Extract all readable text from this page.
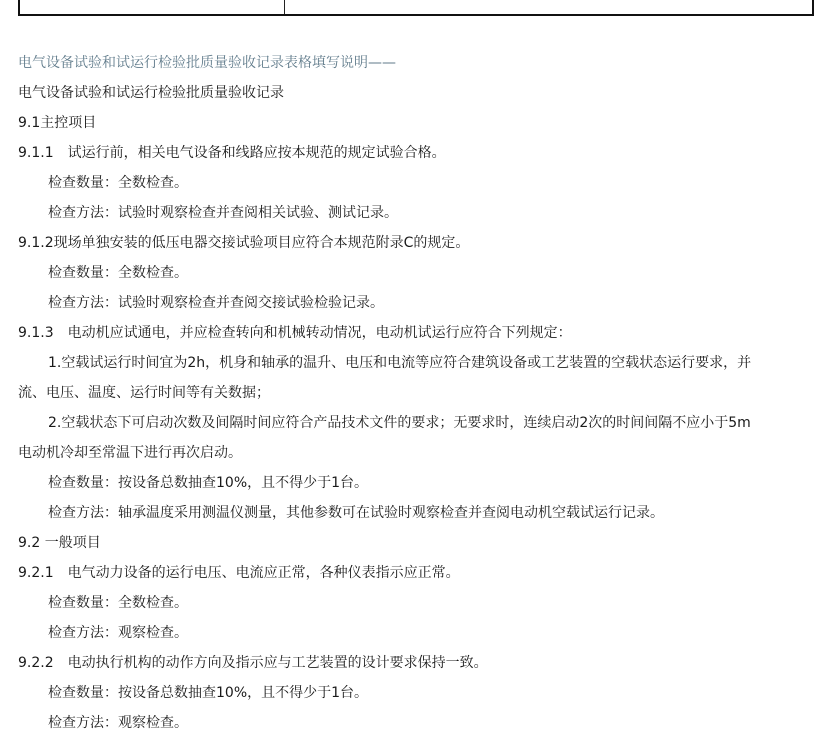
电气设备试验和试运行检验批质量验收记录表格填写说明——
电气设备试验和试运行检验批质量验收记录
9.1主控项目
9.1.1　试运行前，相关电气设备和线路应按本规范的规定试验合格。
检查数量：全数检查。
检查方法：试验时观察检查并查阅相关试验、测试记录。
9.1.2现场单独安装的低压电器交接试验项目应符合本规范附录C的规定。
检查数量：全数检查。
检查方法：试验时观察检查并查阅交接试验检验记录。
9.1.3　电动机应试通电，并应检查转向和机械转动情况，电动机试运行应符合下列规定：
1.空载试运行时间宜为2h，机身和轴承的温升、电压和电流等应符合建筑设备或工艺装置的空载状态运行要求，并
流、电压、温度、运行时间等有关数据；
2.空载状态下可启动次数及间隔时间应符合产品技术文件的要求；无要求时，连续启动2次的时间间隔不应小于5m
电动机冷却至常温下进行再次启动。
检查数量：按设备总数抽查10%，且不得少于1台。
检查方法：轴承温度采用测温仪测量，其他参数可在试验时观察检查并查阅电动机空载试运行记录。
9.2 一般项目
9.2.1　电气动力设备的运行电压、电流应正常，各种仪表指示应正常。
检查数量：全数检查。
检查方法：观察检查。
9.2.2　电动执行机构的动作方向及指示应与工艺装置的设计要求保持一致。
检查数量：按设备总数抽查10%，且不得少于1台。
检查方法：观察检查。
